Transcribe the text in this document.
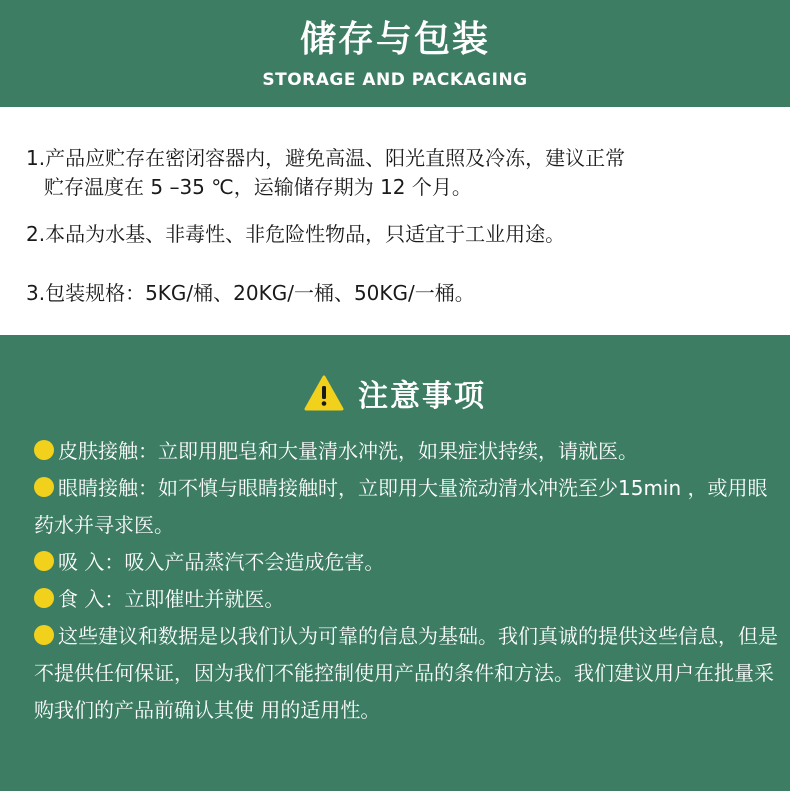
储存与包装
STORAGE AND PACKAGING
1.产品应贮存在密闭容器内，避免高温、阳光直照及冷冻，建议正常
贮存温度在 5 –35 ℃，运输储存期为 12 个月。
2.本品为水基、非毒性、非危险性物品，只适宜于工业用途。
3.包装规格：5KG/桶、20KG/一桶、50KG/一桶。
注意事项
皮肤接触：立即用肥皂和大量清水冲洗，如果症状持续，请就医。
眼睛接触：如不慎与眼睛接触时，立即用大量流动清水冲洗至少15min ，或用眼药水并寻求医。
吸 入：吸入产品蒸汽不会造成危害。
食 入：立即催吐并就医。
这些建议和数据是以我们认为可靠的信息为基础。我们真诚的提供这些信息，但是不提供任何保证，因为我们不能控制使用产品的条件和方法。我们建议用户在批量采购我们的产品前确认其使 用的适用性。
